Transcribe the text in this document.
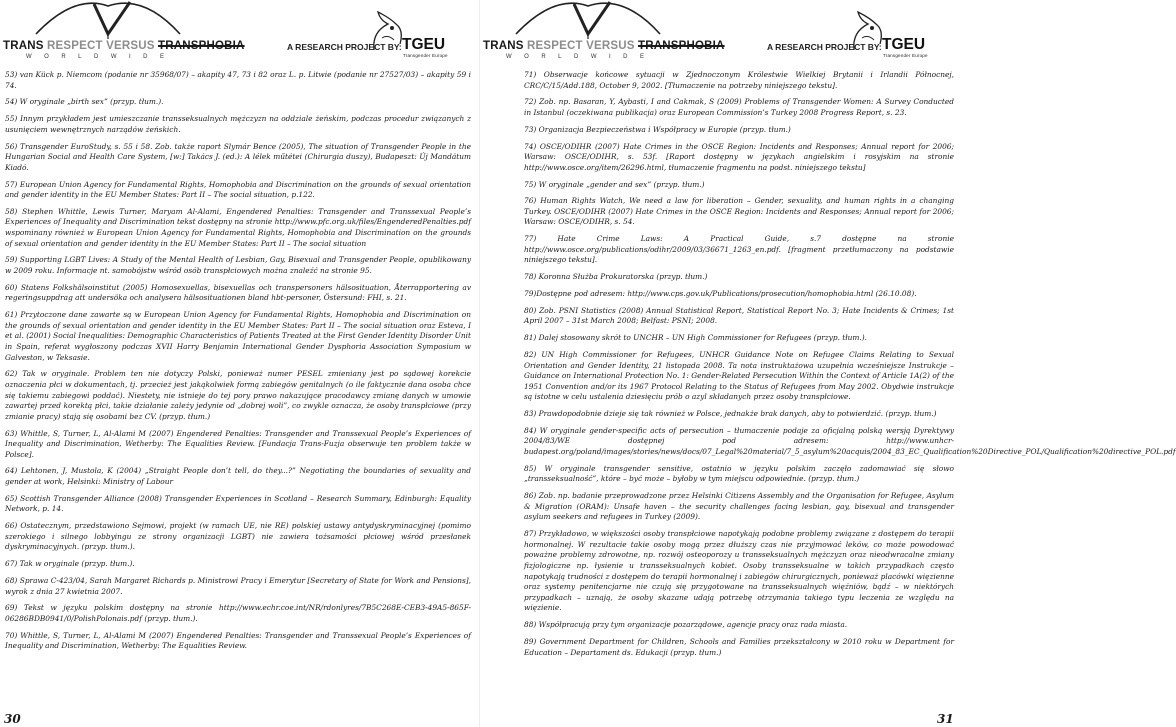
TRANS RESPECT VERSUS TRANSPHOBIA
WORLDWIDE
A RESEARCH PROJECT BY: TGEU
Transgender Europe

53) van Kück p. Niemcom (podanie nr 35968/07) – akapity 47, 73 i 82 oraz L. p. Litwie (podanie nr 27527/03) – akapity 59 i 74.

54) W oryginale „birth sex” (przyp. tłum.).

55) Innym przykładem jest umieszczanie transseksualnych mężczyzn na oddziale żeńskim, podczas procedur związanych z usunięciem wewnętrznych narządów żeńskich.

56) Transgender EuroStudy, s. 55 i 58. Zob. także raport Slymár Bence (2005), The situation of Transgender People in the Hungarian Social and Health Care System, [w:] Takács J. (ed.): A lélek műtétei (Chirurgia duszy), Budapeszt: Új Mandátum Kiadó.

57) European Union Agency for Fundamental Rights, Homophobia and Discrimination on the grounds of sexual orientation and gender identity in the EU Member States: Part II – The social situation, p.122.

58) Stephen Whittle, Lewis Turner, Maryam Al-Alami, Engendered Penalties: Transgender and Transsexual People’s Experiences of Inequality and Discrimination tekst dostępny na stronie http://www.pfc.org.uk/files/EngenderedPenalties.pdf wspominany również w European Union Agency for Fundamental Rights, Homophobia and Discrimination on the grounds of sexual orientation and gender identity in the EU Member States: Part II – The social situation

59) Supporting LGBT Lives: A Study of the Mental Health of Lesbian, Gay, Bisexual and Transgender People, opublikowany w 2009 roku. Informacje nt. samobójstw wśród osób transpłciowych można znaleźć na stronie 95.

60) Statens Folkshälsoinstitut (2005) Homosexuellas, bisexuellas och transpersoners hälsosituation, Återrapportering av regeringsuppdrag att undersöka och analysera hälsosituationen bland hbt-personer, Östersund: FHI, s. 21.

61) Przytoczone dane zawarte są w European Union Agency for Fundamental Rights, Homophobia and Discrimination on the grounds of sexual orientation and gender identity in the EU Member States: Part II – The social situation oraz Esteva, I et al. (2001) Social Inequalities: Demographic Characteristics of Patients Treated at the First Gender Identity Disorder Unit in Spain, referat wygłoszony podczas XVII Harry Benjamin International Gender Dysphoria Association Symposium w Galveston, w Teksasie.

62) Tak w oryginale. Problem ten nie dotyczy Polski, ponieważ numer PESEL zmieniany jest po sądowej korekcie oznaczenia płci w dokumentach, tj. przecież jest jakąkolwiek formą zabiegów genitalnych (o ile faktycznie dana osoba chce się takiemu zabiegowi poddać). Niestety, nie istnieje do tej pory prawo nakazujące pracodawcy zmianę danych w umowie zawartej przed korektą płci, takie działanie zależy jedynie od „dobrej woli”, co zwykle oznacza, że osoby transpłciowe (przy zmianie pracy) stają się osobami bez CV. (przyp. tłum.)

63) Whittle, S, Turner, L, Al-Alami M (2007) Engendered Penalties: Transgender and Transsexual People’s Experiences of Inequality and Discrimination, Wetherby: The Equalities Review. [Fundacja Trans-Fuzja obserwuje ten problem także w Polsce].

64) Lehtonen, J, Mustola, K (2004) „Straight People don’t tell, do they...?” Negotiating the boundaries of sexuality and gender at work, Helsinki: Ministry of Labour

65) Scottish Transgender Alliance (2008) Transgender Experiences in Scotland – Research Summary, Edinburgh: Equality Network, p. 14.

66) Ostatecznym, przedstawiono Sejmowi, projekt (w ramach UE, nie RE) polskiej ustawy antydyskryminacyjnej (pomimo szerokiego i silnego lobbyingu ze strony organizacji LGBT) nie zawiera tożsamości płciowej wśród przesłanek dyskryminacyjnych. (przyp. tłum.).

67) Tak w oryginale (przyp. tłum.).

68) Sprawa C-423/04, Sarah Margaret Richards p. Ministrowi Pracy i Emerytur [Secretary of State for Work and Pensions], wyrok z dnia 27 kwietnia 2007.

69) Tekst w języku polskim dostępny na stronie http://www.echr.coe.int/NR/rdonlyres/7B5C268E-CEB3-49A5-865F-06286BDB0941/0/PolishPolonais.pdf (przyp. tłum.).

70) Whittle, S, Turner, L, Al-Alami M (2007) Engendered Penalties: Transgender and Transsexual People’s Experiences of Inequality and Discrimination, Wetherby: The Equalities Review.

30
TRANS RESPECT VERSUS TRANSPHOBIA
WORLDWIDE
A RESEARCH PROJECT BY: TGEU
Transgender Europe

71) Obserwacje końcowe sytuacji w Zjednoczonym Królestwie Wielkiej Brytanii i Irlandii Północnej, CRC/C/15/Add.188, October 9, 2002. [Tłumaczenie na potrzeby niniejszego tekstu].

72) Zob. np. Basaran, Y, Aybasti, I and Cakmak, S (2009) Problems of Transgender Women: A Survey Conducted in Istanbul (oczekiwana publikacja) oraz European Commission’s Turkey 2008 Progress Report, s. 23.

73) Organizacja Bezpieczeństwa i Współpracy w Europie (przyp. tłum.)

74) OSCE/ODIHR (2007) Hate Crimes in the OSCE Region: Incidents and Responses; Annual report for 2006; Warsaw: OSCE/ODIHR, s. 53f. [Raport dostępny w językach angielskim i rosyjskim na stronie http://www.osce.org/item/26296.html, tłumaczenie fragmentu na podst. niniejszego tekstu]

75) W oryginale „gender and sex” (przyp. tłum.)

76) Human Rights Watch, We need a law for liberation – Gender, sexuality, and human rights in a changing Turkey. OSCE/ODIHR (2007) Hate Crimes in the OSCE Region: Incidents and Responses; Annual report for 2006; Warsaw: OSCE/ODIHR, s. 54.

77) Hate Crime Laws: A Practical Guide, s.7 dostępne na stronie http://www.osce.org/publications/odihr/2009/03/36671_1263_en.pdf. [fragment przetłumaczony na podstawie niniejszego tekstu].

78) Koronna Służba Prokuratorska (przyp. tłum.)

79)Dostępne pod adresem: http://www.cps.gov.uk/Publications/prosecution/homophobia.html (26.10.08).

80) Zob. PSNI Statistics (2008) Annual Statistical Report, Statistical Report No. 3; Hate Incidents & Crimes; 1st April 2007 – 31st March 2008; Belfast: PSNI; 2008.

81) Dalej stosowany skrót to UNCHR – UN High Commissioner for Refugees (przyp. tłum.).

82) UN High Commissioner for Refugees, UNHCR Guidance Note on Refugee Claims Relating to Sexual Orientation and Gender Identity, 21 listopada 2008. Ta nota instruktażowa uzupełnia wcześniejsze Instrukcje – Guidance on International Protection No. 1: Gender-Related Persecution Within the Context of Article 1A(2) of the 1951 Convention and/or its 1967 Protocol Relating to the Status of Refugees from May 2002. Obydwie instrukcje są istotne w celu ustalenia dziesięciu prób o azyl składanych przez osoby transpłciowe.

83) Prawdopodobnie dzieje się tak również w Polsce, jednakże brak danych, aby to potwierdzić. (przyp. tłum.)

84) W oryginale gender-specific acts of persecution – tłumaczenie podaje za oficjalną polską wersją Dyrektywy 2004/83/WE dostępnej pod adresem: http://www.unhcr-budapest.org/poland/images/stories/news/docs/07_Legal%20material/7_5_asylum%20acquis/2004_83_EC_Qualification%20Directive_POL/Qualification%20directive_POL.pdf

85) W oryginale transgender sensitive, ostatnio w języku polskim zaczęło zadomawiać się słowo „transseksualność”, które – być może – byłoby w tym miejscu odpowiednie. (przyp. tłum.)

86) Zob. np. badanie przeprowadzone przez Helsinki Citizens Assembly and the Organisation for Refugee, Asylum & Migration (ORAM): Unsafe haven – the security challenges facing lesbian, gay, bisexual and transgender asylum seekers and refugees in Turkey (2009).

87) Przykładowo, w większości osoby transpłciowe napotykają podobne problemy związane z dostępem do terapii hormonalnej. W rezultacie takie osoby mogą przez dłuższy czas nie przyjmować leków, co może powodować poważne problemy zdrowotne, np. rozwój osteoporozy u transseksualnych mężczyzn oraz nieodwracalne zmiany fizjologiczne np. łysienie u transseksualnych kobiet. Osoby transseksualne w takich przypadkach często napotykają trudności z dostępem do terapii hormonalnej i zabiegów chirurgicznych, ponieważ placówki więzienne oraz systemy penitencjarne nie czują się przygotowane na transseksualnych więźniów, bądź – w niektórych przypadkach – uznają, że osoby skazane udają potrzebę otrzymania takiego typu leczenia ze względu na więzienie.

88) Współpracują przy tym organizacje pozarządowe, agencje pracy oraz rada miasta.

89) Government Department for Children, Schools and Families przekształcony w 2010 roku w Department for Education – Departament ds. Edukacji (przyp. tłum.)

31
